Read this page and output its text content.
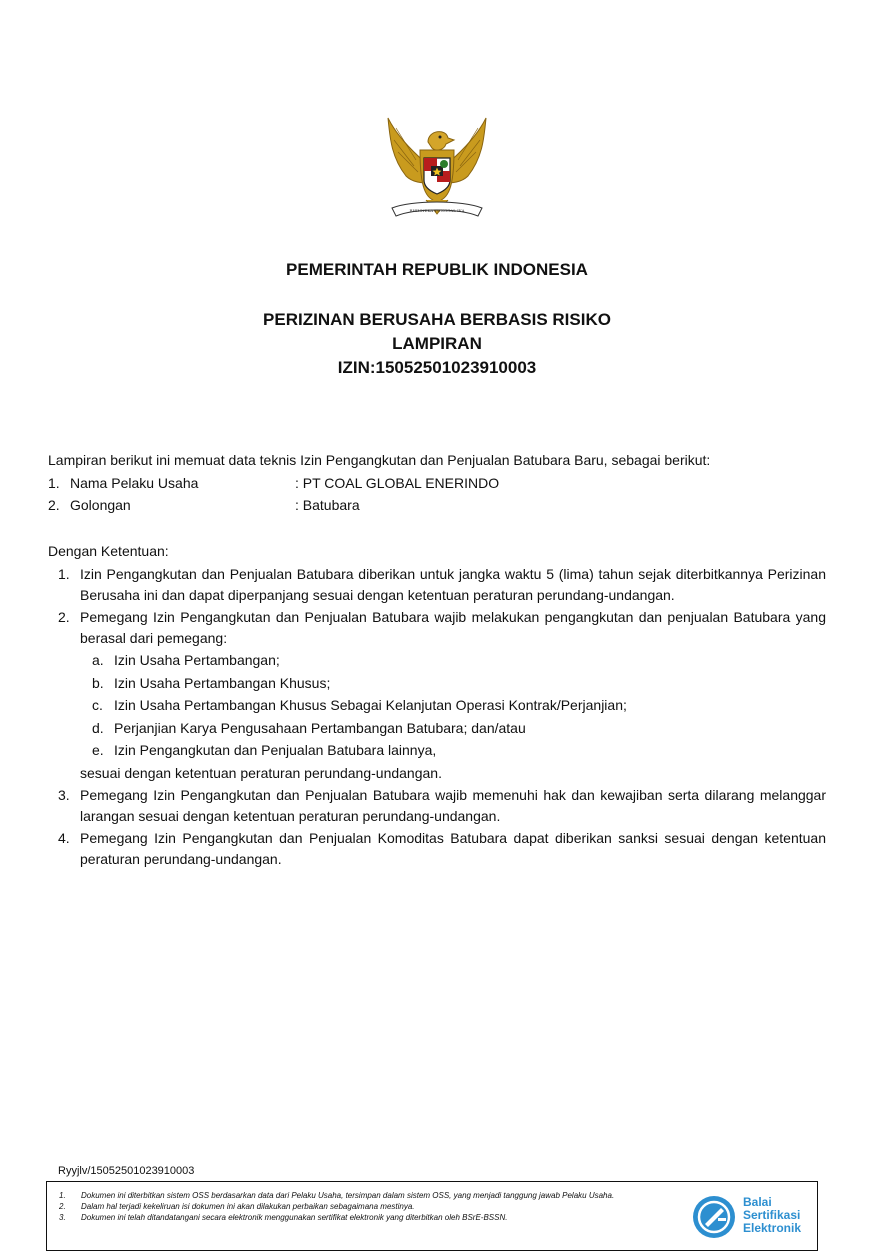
BHINNEKA TUNGGAL IKA
PEMERINTAH REPUBLIK INDONESIA
PERIZINAN BERUSAHA BERBASIS RISIKO
LAMPIRAN
IZIN:15052501023910003
Lampiran berikut ini memuat data teknis Izin Pengangkutan dan Penjualan Batubara Baru, sebagai berikut:
1. Nama Pelaku Usaha	: PT COAL GLOBAL ENERINDO
2. Golongan	: Batubara
Dengan Ketentuan:
1. Izin Pengangkutan dan Penjualan Batubara diberikan untuk jangka waktu 5 (lima) tahun sejak diterbitkannya Perizinan Berusaha ini dan dapat diperpanjang sesuai dengan ketentuan peraturan perundang-undangan.
2. Pemegang Izin Pengangkutan dan Penjualan Batubara wajib melakukan pengangkutan dan penjualan Batubara yang berasal dari pemegang:
a. Izin Usaha Pertambangan;
b. Izin Usaha Pertambangan Khusus;
c. Izin Usaha Pertambangan Khusus Sebagai Kelanjutan Operasi Kontrak/Perjanjian;
d. Perjanjian Karya Pengusahaan Pertambangan Batubara; dan/atau
e. Izin Pengangkutan dan Penjualan Batubara lainnya,
sesuai dengan ketentuan peraturan perundang-undangan.
3. Pemegang Izin Pengangkutan dan Penjualan Batubara wajib memenuhi hak dan kewajiban serta dilarang melanggar larangan sesuai dengan ketentuan peraturan perundang-undangan.
4. Pemegang Izin Pengangkutan dan Penjualan Komoditas Batubara dapat diberikan sanksi sesuai dengan ketentuan peraturan perundang-undangan.
Ryyjlv/15052501023910003
1.	Dokumen ini diterbitkan sistem OSS berdasarkan data dari Pelaku Usaha, tersimpan dalam sistem OSS, yang menjadi tanggung jawab Pelaku Usaha.
2.	Dalam hal terjadi kekeliruan isi dokumen ini akan dilakukan perbaikan sebagaimana mestinya.
3.	Dokumen ini telah ditandatangani secara elektronik menggunakan sertifikat elektronik yang diterbitkan oleh BSrE-BSSN.
Balai
Sertifikasi
Elektronik
